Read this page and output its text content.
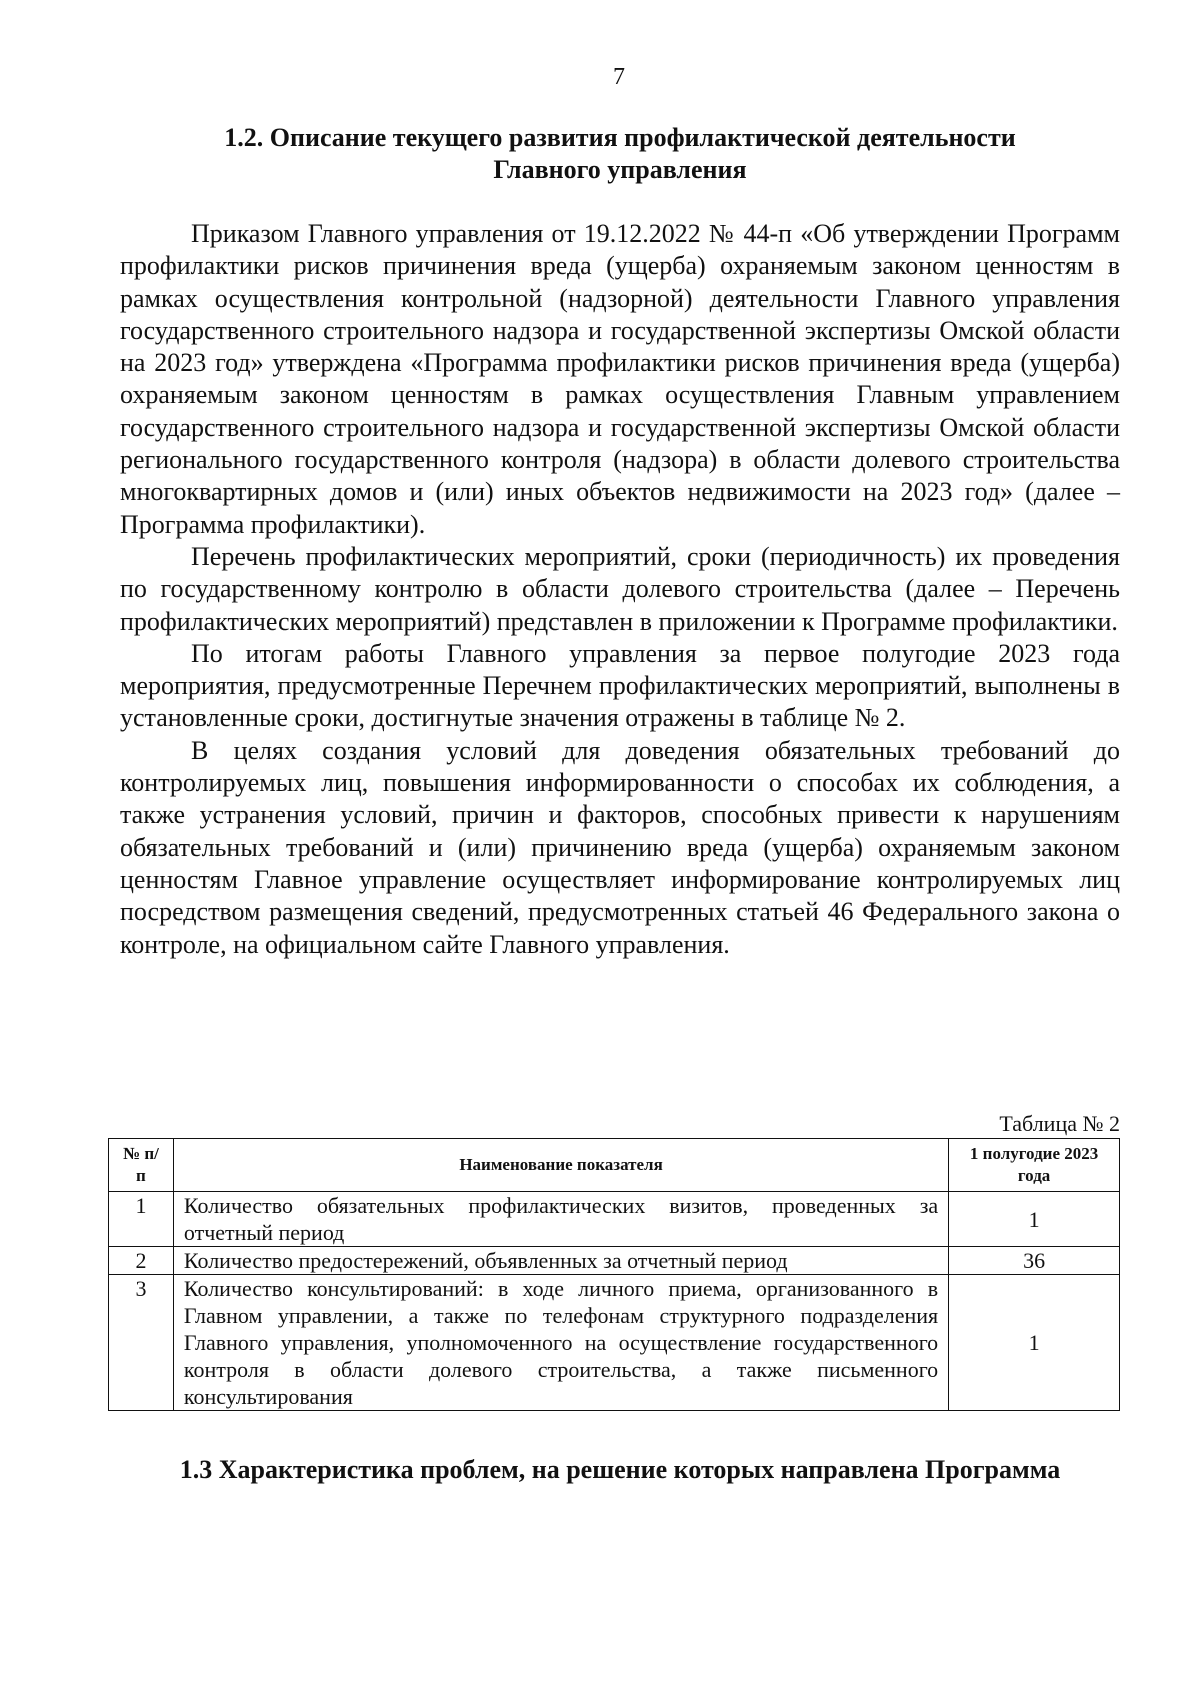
7
1.2. Описание текущего развития профилактической деятельности
Главного управления

Приказом Главного управления от 19.12.2022 № 44-п «Об утверждении Программ профилактики рисков причинения вреда (ущерба) охраняемым законом ценностям в рамках осуществления контрольной (надзорной) деятельности Главного управления государственного строительного надзора и государственной экспертизы Омской области на 2023 год» утверждена «Программа профилактики рисков причинения вреда (ущерба) охраняемым законом ценностям в рамках осуществления Главным управлением государственного строительного надзора и государственной экспертизы Омской области регионального государственного контроля (надзора) в области долевого строительства многоквартирных домов и (или) иных объектов недвижимости на 2023 год» (далее – Программа профилактики).

Перечень профилактических мероприятий, сроки (периодичность) их проведения по государственному контролю в области долевого строительства (далее – Перечень профилактических мероприятий) представлен в приложении к Программе профилактики.

По итогам работы Главного управления за первое полугодие 2023 года мероприятия, предусмотренные Перечнем профилактических мероприятий, выполнены в установленные сроки, достигнутые значения отражены в таблице № 2.

В целях создания условий для доведения обязательных требований до контролируемых лиц, повышения информированности о способах их соблюдения, а также устранения условий, причин и факторов, способных привести к нарушениям обязательных требований и (или) причинению вреда (ущерба) охраняемым законом ценностям Главное управление осуществляет информирование контролируемых лиц посредством размещения сведений, предусмотренных статьей 46 Федерального закона о контроле, на официальном сайте Главного управления.

Таблица № 2
№ п/п	Наименование показателя	1 полугодие 2023 года
1	Количество обязательных профилактических визитов, проведенных за отчетный период	1
2	Количество предостережений, объявленных за отчетный период	36
3	Количество консультирований: в ходе личного приема, организованного в Главном управлении, а также по телефонам структурного подразделения Главного управления, уполномоченного на осуществление государственного контроля в области долевого строительства, а также письменного консультирования	1
1.3 Характеристика проблем, на решение которых направлена Программа
